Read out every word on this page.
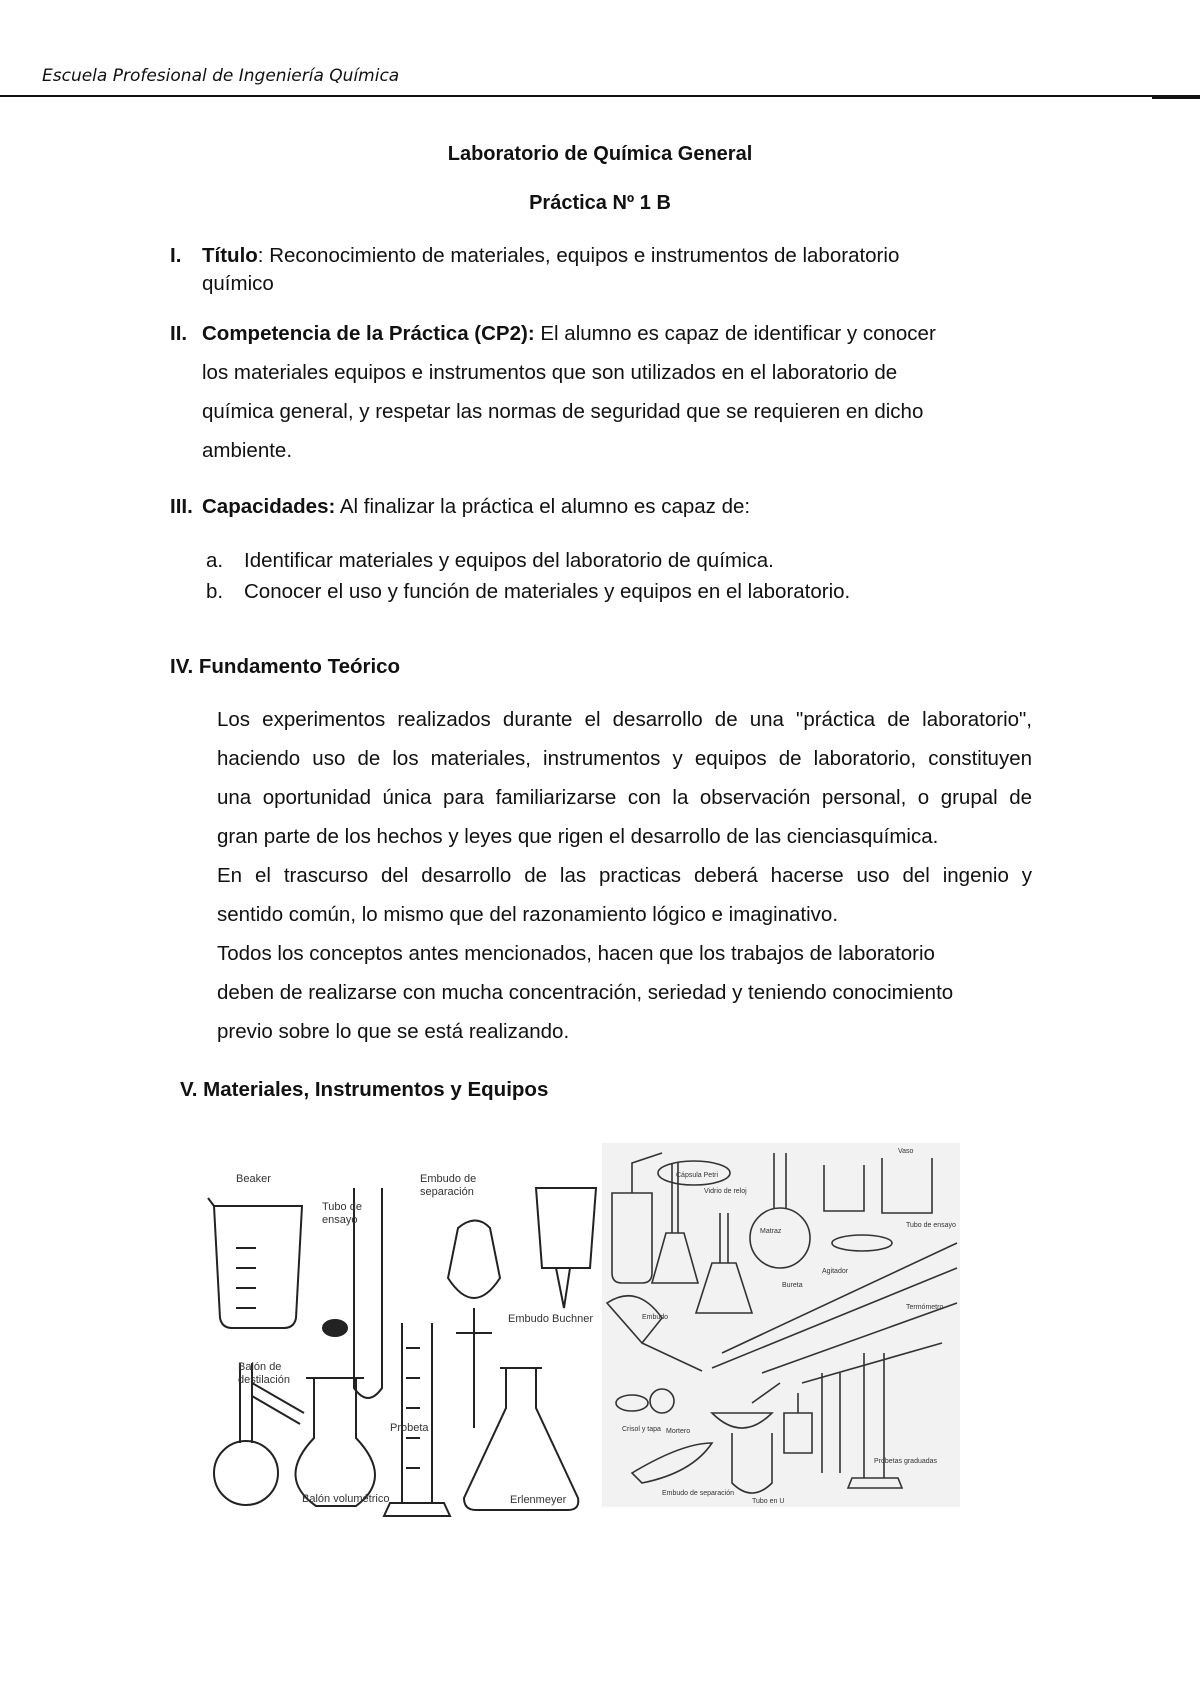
Escuela Profesional de Ingeniería Química
Laboratorio de Química General
Práctica Nº 1 B
I. Título: Reconocimiento de materiales, equipos e instrumentos de laboratorio
químico
II. Competencia de la Práctica (CP2): El alumno es capaz de identificar y conocer
los materiales equipos e instrumentos que son utilizados en el laboratorio de
química general, y respetar las normas de seguridad que se requieren en dicho
ambiente.
III. Capacidades: Al finalizar la práctica el alumno es capaz de:
a. Identificar materiales y equipos del laboratorio de química.
b. Conocer el uso y función de materiales y equipos en el laboratorio.
IV. Fundamento Teórico
Los experimentos realizados durante el desarrollo de una "práctica de laboratorio",
haciendo uso de los materiales, instrumentos y equipos de laboratorio, constituyen
una oportunidad única para familiarizarse con la observación personal, o grupal de
gran parte de los hechos y leyes que rigen el desarrollo de las cienciasquímica.
En el trascurso del desarrollo de las practicas deberá hacerse uso del ingenio y
sentido común, lo mismo que del razonamiento lógico e imaginativo.
Todos los conceptos antes mencionados, hacen que los trabajos de laboratorio
deben de realizarse con mucha concentración, seriedad y teniendo conocimiento
previo sobre lo que se está realizando.
V. Materiales, Instrumentos y Equipos
Beaker
Tubo de
ensayo
Embudo de
separación
Embudo Buchner
Balón de
destilación
Probeta
Balón volumétrico	Erlenmeyer
Vaso
Cápsula Petri
Vidrio de reloj
Matraz
Tubo de ensayo
Embudo
Bureta
Termómetro
Agitador
Mortero
Crisol y tapa
Embudo de separación
Tubo en U
Probetas graduadas
